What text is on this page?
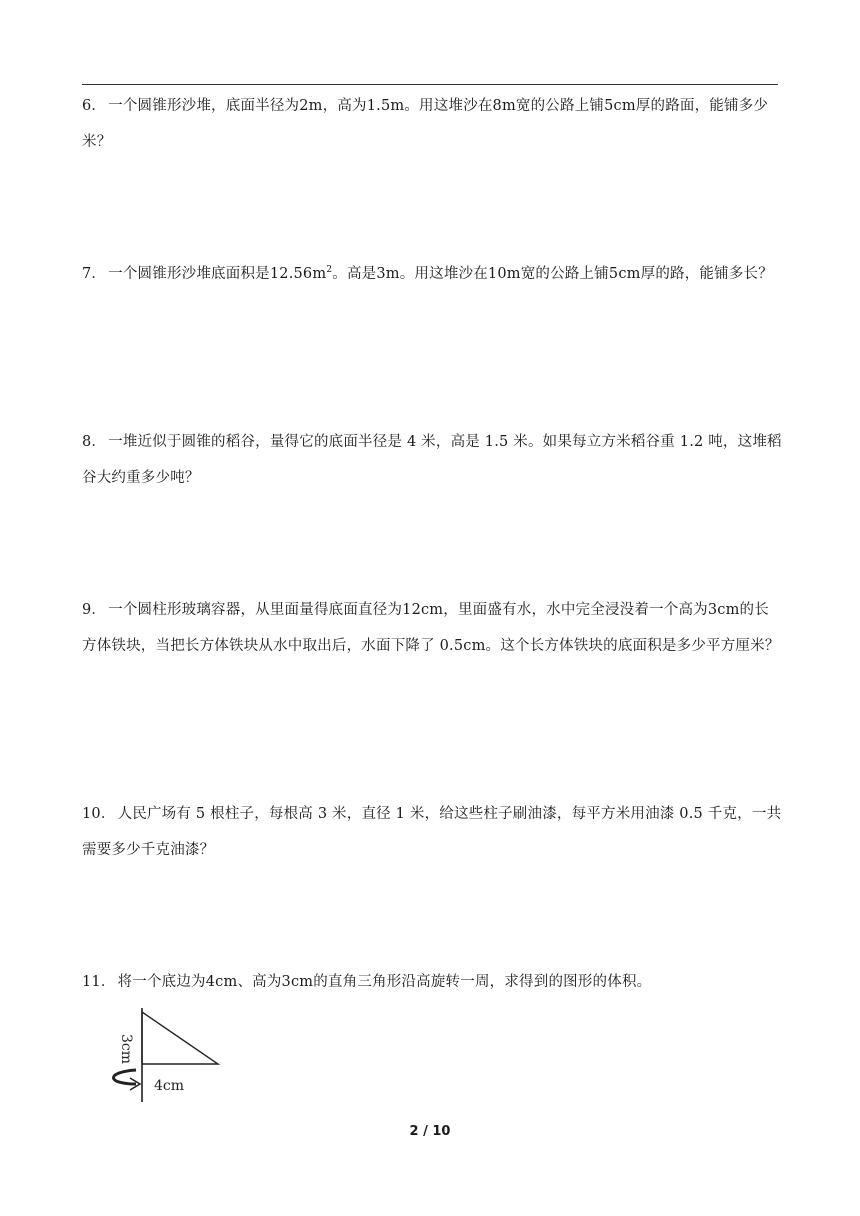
6． 一个圆锥形沙堆，底面半径为2m，高为1.5m。用这堆沙在8m宽的公路上铺5cm厚的路面，能铺多少米？

7． 一个圆锥形沙堆底面积是$12.56m^2$。高是3m。用这堆沙在10m宽的公路上铺5cm厚的路，能铺多长？

8． 一堆近似于圆锥的稻谷，量得它的底面半径是 4 米，高是 1.5 米。如果每立方米稻谷重 1.2 吨，这堆稻谷大约重多少吨？

9． 一个圆柱形玻璃容器，从里面量得底面直径为12cm，里面盛有水，水中完全浸没着一个高为3cm的长方体铁块，当把长方体铁块从水中取出后，水面下降了 0.5cm。这个长方体铁块的底面积是多少平方厘米？

10． 人民广场有 5 根柱子，每根高 3 米，直径 1 米，给这些柱子刷油漆，每平方米用油漆 0.5 千克，一共需要多少千克油漆？

11． 将一个底边为4cm、高为3cm的直角三角形沿高旋转一周，求得到的图形的体积。

3cm
4cm
2 / 10
